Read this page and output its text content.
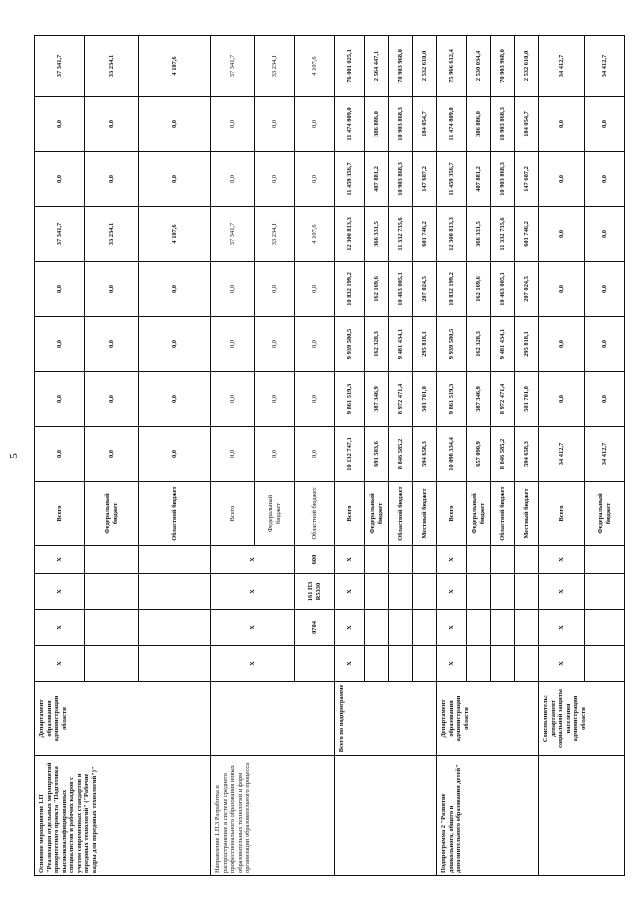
5
Основное мероприятие 1.П "Реализация отдельных мероприятий приоритетного проекта "Подготовка высококвалифицированных специалистов и рабочих кадров с учетом современных стандартов и передовых технологий" ("Рабочие кадры для передовых технологий")"	Департамент образования администрации области	X	X	X	X	Всего	0,0	0,0	0,0	0,0	37 341,7	0,0	0,0	37 341,7
						Федеральный бюджет	0,0	0,0	0,0	0,0	33 234,1	0,0	0,0	33 234,1
						Областной бюджет	0,0	0,0	0,0	0,0	4 107,6	0,0	0,0	4 107,6
Направление 1.П.3 Разработка и распространение в системе среднего профессионального образования новых образовательных технологий и форм организации образовательного процесса		X	X	X	X	Всего	0,0	0,0	0,0	0,0	37 341,7	0,0	0,0	37 341,7
						Федеральный бюджет	0,0	0,0	0,0	0,0	33 234,1	0,0	0,0	33 234,1
			0704	161 П3 R5330	600	Областной бюджет	0,0	0,0	0,0	0,0	4 107,6	0,0	0,0	4 107,6
	Всего по подпрограмме	X	X	X	X	Всего	10 132 747,1	9 861 519,3	9 939 580,5	10 832 199,2	12 300 813,3	11 459 356,7	11 474 809,0	76 001 025,1
						Федеральный бюджет	691 503,6	387 346,9	162 328,3	162 169,6	366 331,5	407 881,2	386 886,0	2 564 447,1
						Областной бюджет	8 846 585,2	8 972 471,4	9 481 434,1	10 463 005,1	11 332 735,6	10 903 868,3	10 903 868,3	70 903 968,0
						Местный бюджет	594 658,3	501 701,0	295 818,1	207 024,5	601 746,2	147 607,2	184 054,7	2 532 610,0
Подпрограмма 2 "Развитие дошкольного, общего и дополнительного образования детей"	Департамент образования администрации области	X	X	X	X	Всего	10 098 334,4	9 861 519,3	9 939 580,5	10 832 199,2	12 300 813,3	11 459 356,7	11 474 809,0	75 966 612,4
						Федеральный бюджет	657 090,9	387 346,9	162 328,3	162 169,6	366 331,5	407 881,2	386 886,0	2 530 034,4
						Областной бюджет	8 846 585,2	8 972 471,4	9 481 434,1	10 463 005,1	11 332 735,6	10 903 868,3	10 903 868,3	70 903 968,0
						Местный бюджет	594 658,3	501 701,0	295 818,1	207 024,5	601 746,2	147 607,2	184 054,7	2 532 610,0
	Соисполнитель: департамент социальной защиты населения администрации области	X	X	X	X	Всего	34 412,7	0,0	0,0	0,0	0,0	0,0	0,0	34 412,7
						Федеральный бюджет	34 412,7	0,0	0,0	0,0	0,0	0,0	0,0	34 412,7
